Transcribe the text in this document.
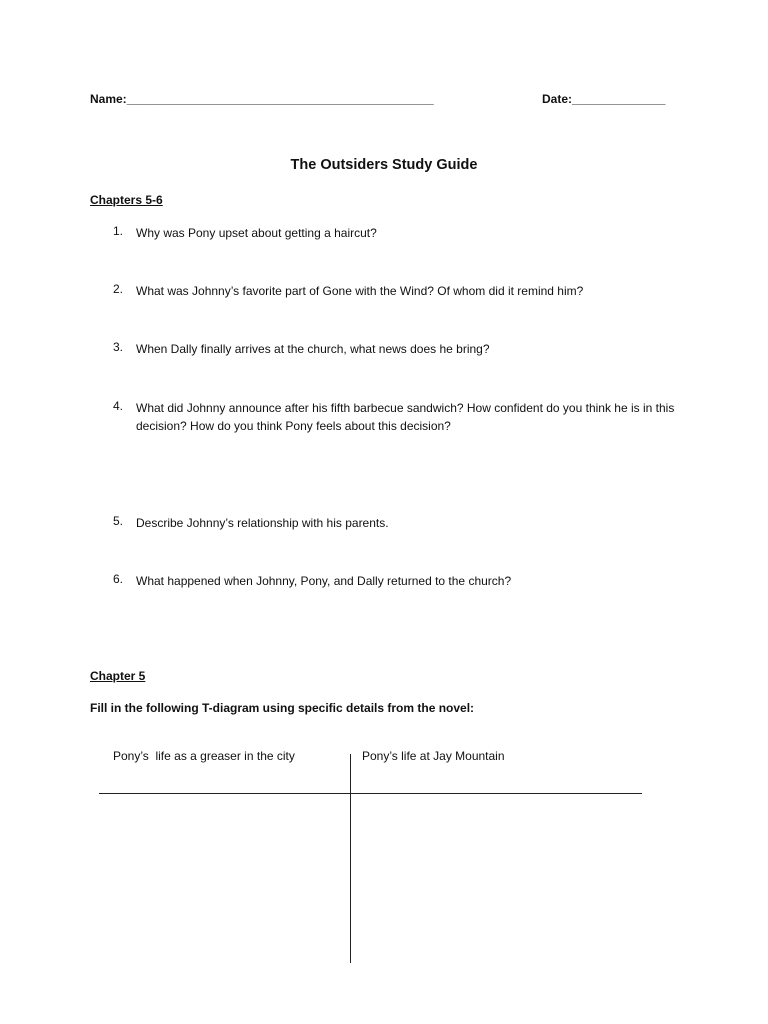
Name:______________________________________________	Date:______________
The Outsiders Study Guide
Chapters 5-6
1.	Why was Pony upset about getting a haircut?
2.	What was Johnny’s favorite part of Gone with the Wind? Of whom did it remind him?
3.	When Dally finally arrives at the church, what news does he bring?
4.	What did Johnny announce after his fifth barbecue sandwich? How confident do you think he is in this decision? How do you think Pony feels about this decision?
5.	Describe Johnny’s relationship with his parents.
6.	What happened when Johnny, Pony, and Dally returned to the church?
Chapter 5
Fill in the following T-diagram using specific details from the novel:
Pony’s  life as a greaser in the city	Pony’s life at Jay Mountain
